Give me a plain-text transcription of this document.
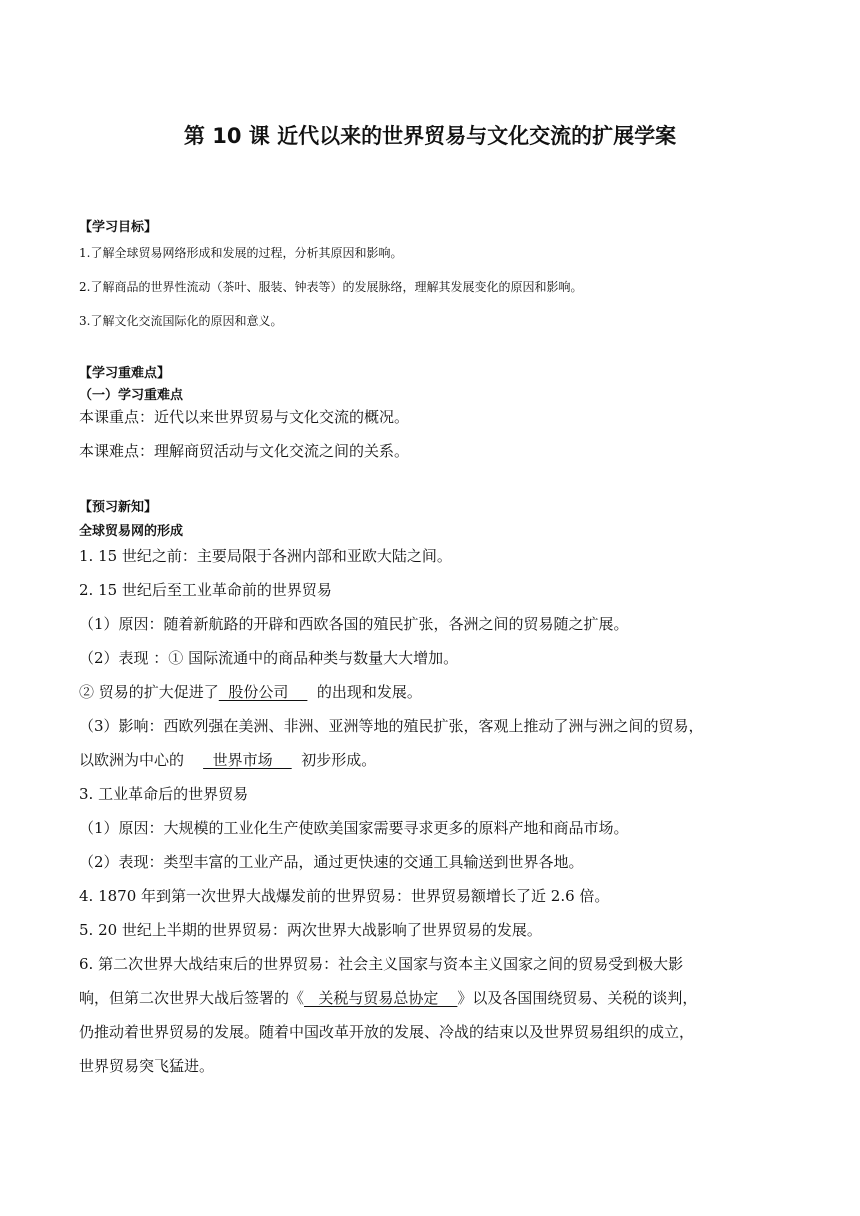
第 10 课 近代以来的世界贸易与文化交流的扩展学案
【学习目标】
1.了解全球贸易网络形成和发展的过程，分析其原因和影响。
2.了解商品的世界性流动（茶叶、服装、钟表等）的发展脉络，理解其发展变化的原因和影响。
3.了解文化交流国际化的原因和意义。
【学习重难点】
（一）学习重难点
本课重点：近代以来世界贸易与文化交流的概况。
本课难点：理解商贸活动与文化交流之间的关系。
【预习新知】
全球贸易网的形成
1. 15 世纪之前：主要局限于各洲内部和亚欧大陆之间。
2. 15 世纪后至工业革命前的世界贸易
（1）原因：随着新航路的开辟和西欧各国的殖民扩张，各洲之间的贸易随之扩展。
（2）表现 ：① 国际流通中的商品种类与数量大大增加。
② 贸易的扩大促进了  股份公司      的出现和发展。
（3）影响：西欧列强在美洲、非洲、亚洲等地的殖民扩张，客观上推动了洲与洲之间的贸易，
以欧洲为中心的      世界市场      初步形成。
3. 工业革命后的世界贸易
（1）原因：大规模的工业化生产使欧美国家需要寻求更多的原料产地和商品市场。
（2）表现：类型丰富的工业产品，通过更快速的交通工具输送到世界各地。
4. 1870 年到第一次世界大战爆发前的世界贸易：世界贸易额增长了近 2.6 倍。
5. 20 世纪上半期的世界贸易：两次世界大战影响了世界贸易的发展。
6. 第二次世界大战结束后的世界贸易：社会主义国家与资本主义国家之间的贸易受到极大影
响，但第二次世界大战后签署的《   关税与贸易总协定    》以及各国围绕贸易、关税的谈判，
仍推动着世界贸易的发展。随着中国改革开放的发展、冷战的结束以及世界贸易组织的成立，
世界贸易突飞猛进。
